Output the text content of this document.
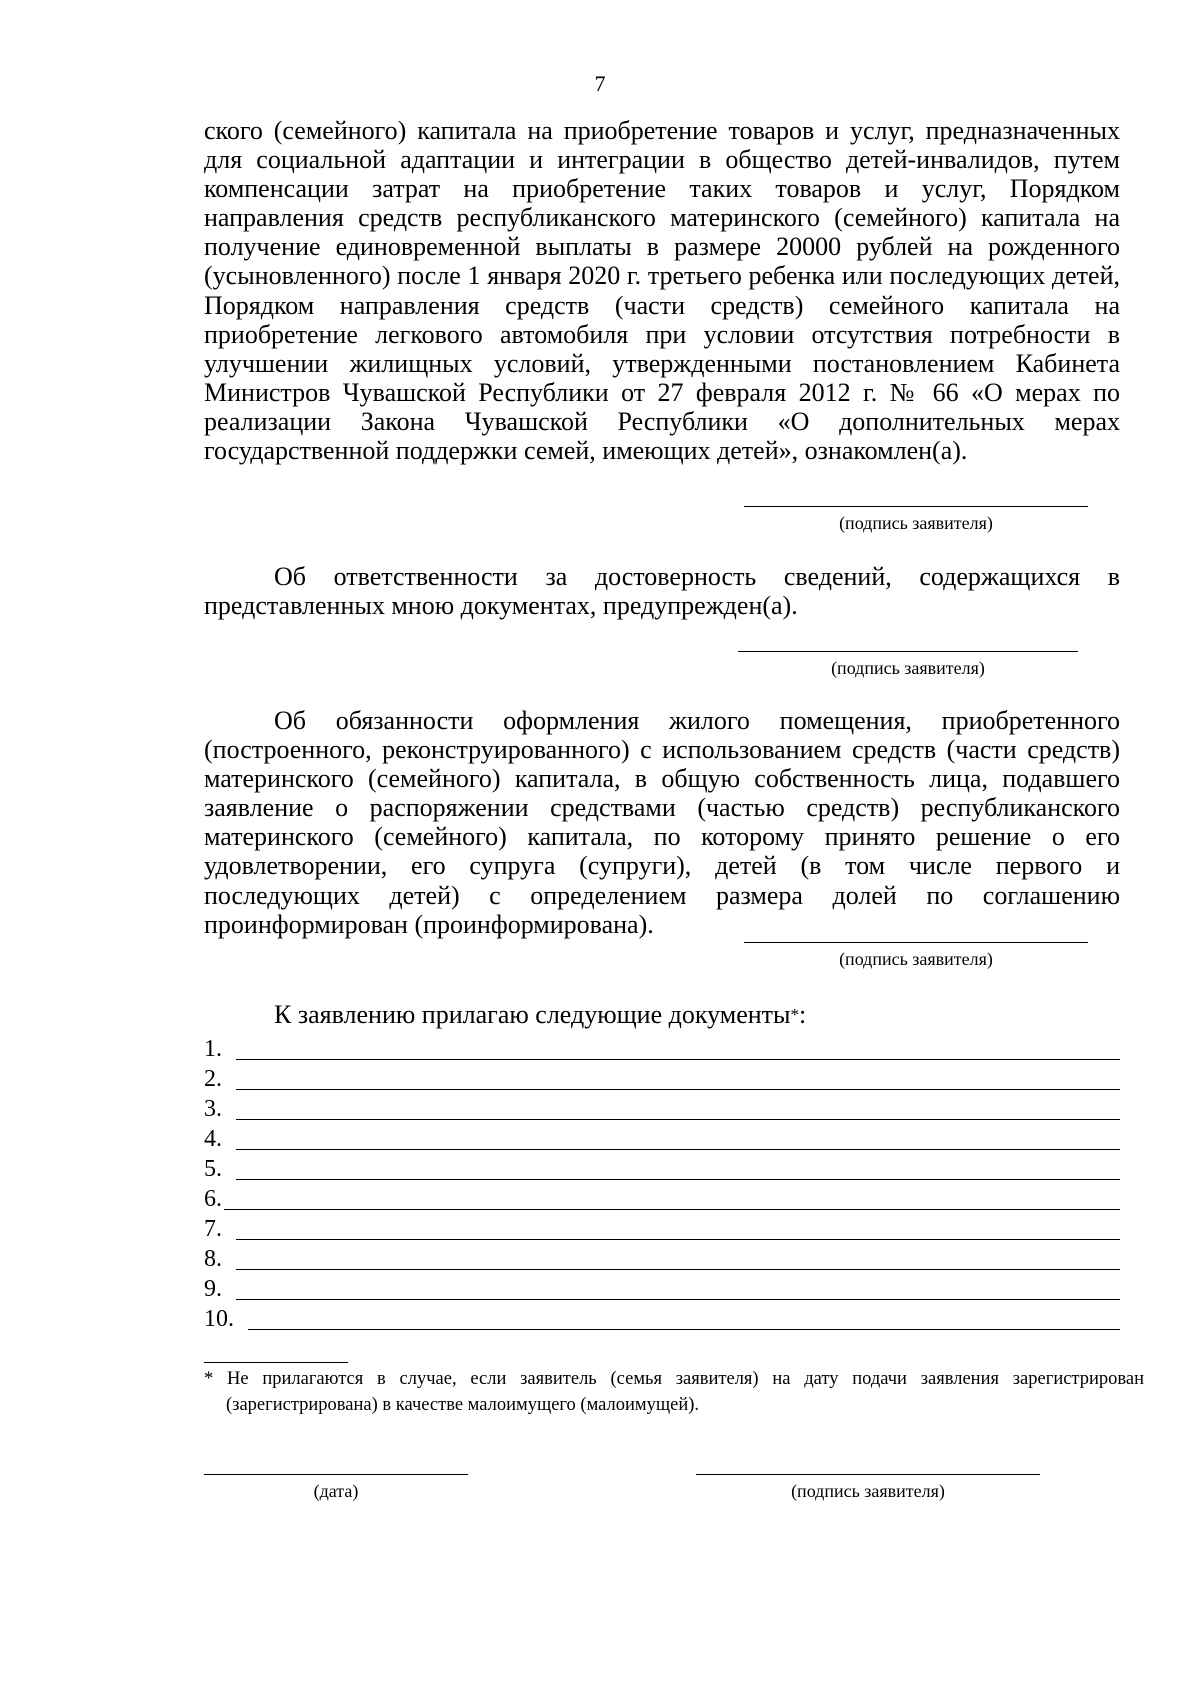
7

ского (семейного) капитала на приобретение товаров и услуг, предназначенных для социальной адаптации и интеграции в общество детей-инвалидов, путем компенсации затрат на приобретение таких товаров и услуг, Порядком направления средств республиканского материнского (семейного) капитала на получение единовременной выплаты в размере 20000 рублей на рожденного (усыновленного) после 1 января 2020 г. третьего ребенка или последующих детей, Порядком направления средств (части средств) семейного капитала на приобретение легкового автомобиля при условии отсутствия потребности в улучшении жилищных условий, утвержденными постановлением Кабинета Министров Чувашской Республики от 27 февраля 2012 г. № 66 «О мерах по реализации Закона Чувашской Республики «О дополнительных мерах государственной поддержки семей, имеющих детей», ознакомлен(а).

(подпись заявителя)

Об ответственности за достоверность сведений, содержащихся в представленных мною документах, предупрежден(а).

(подпись заявителя)

Об обязанности оформления жилого помещения, приобретенного (построенного, реконструированного) с использованием средств (части средств) материнского (семейного) капитала, в общую собственность лица, подавшего заявление о распоряжении средствами (частью средств) республиканского материнского (семейного) капитала, по которому принято решение о его удовлетворении, его супруга (супруги), детей (в том числе первого и последующих детей) с определением размера долей по соглашению проинформирован (проинформирована).

(подпись заявителя)

К заявлению прилагаю следующие документы*:

1.
2.
3.
4.
5.
6.
7.
8.
9.
10.

* Не прилагаются в случае, если заявитель (семья заявителя) на дату подачи заявления зарегистрирован (зарегистрирована) в качестве малоимущего (малоимущей).

(дата)	(подпись заявителя)
